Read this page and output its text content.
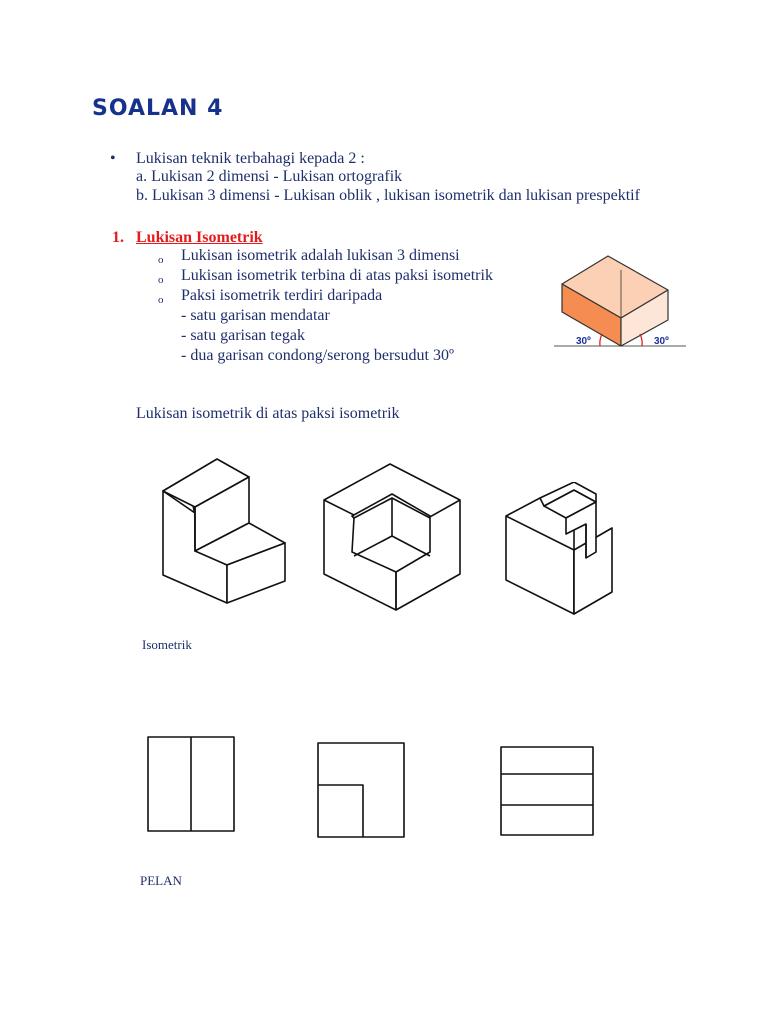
SOALAN 4
• Lukisan teknik terbahagi kepada 2 :
a. Lukisan 2 dimensi - Lukisan ortografik
b. Lukisan 3 dimensi - Lukisan oblik , lukisan isometrik dan lukisan prespektif
1. Lukisan Isometrik
o Lukisan isometrik adalah lukisan 3 dimensi
o Lukisan isometrik terbina di atas paksi isometrik
o Paksi isometrik terdiri daripada
- satu garisan mendatar
- satu garisan tegak
- dua garisan condong/serong bersudut 30º
30º	30º
Lukisan isometrik di atas paksi isometrik
Isometrik
PELAN
